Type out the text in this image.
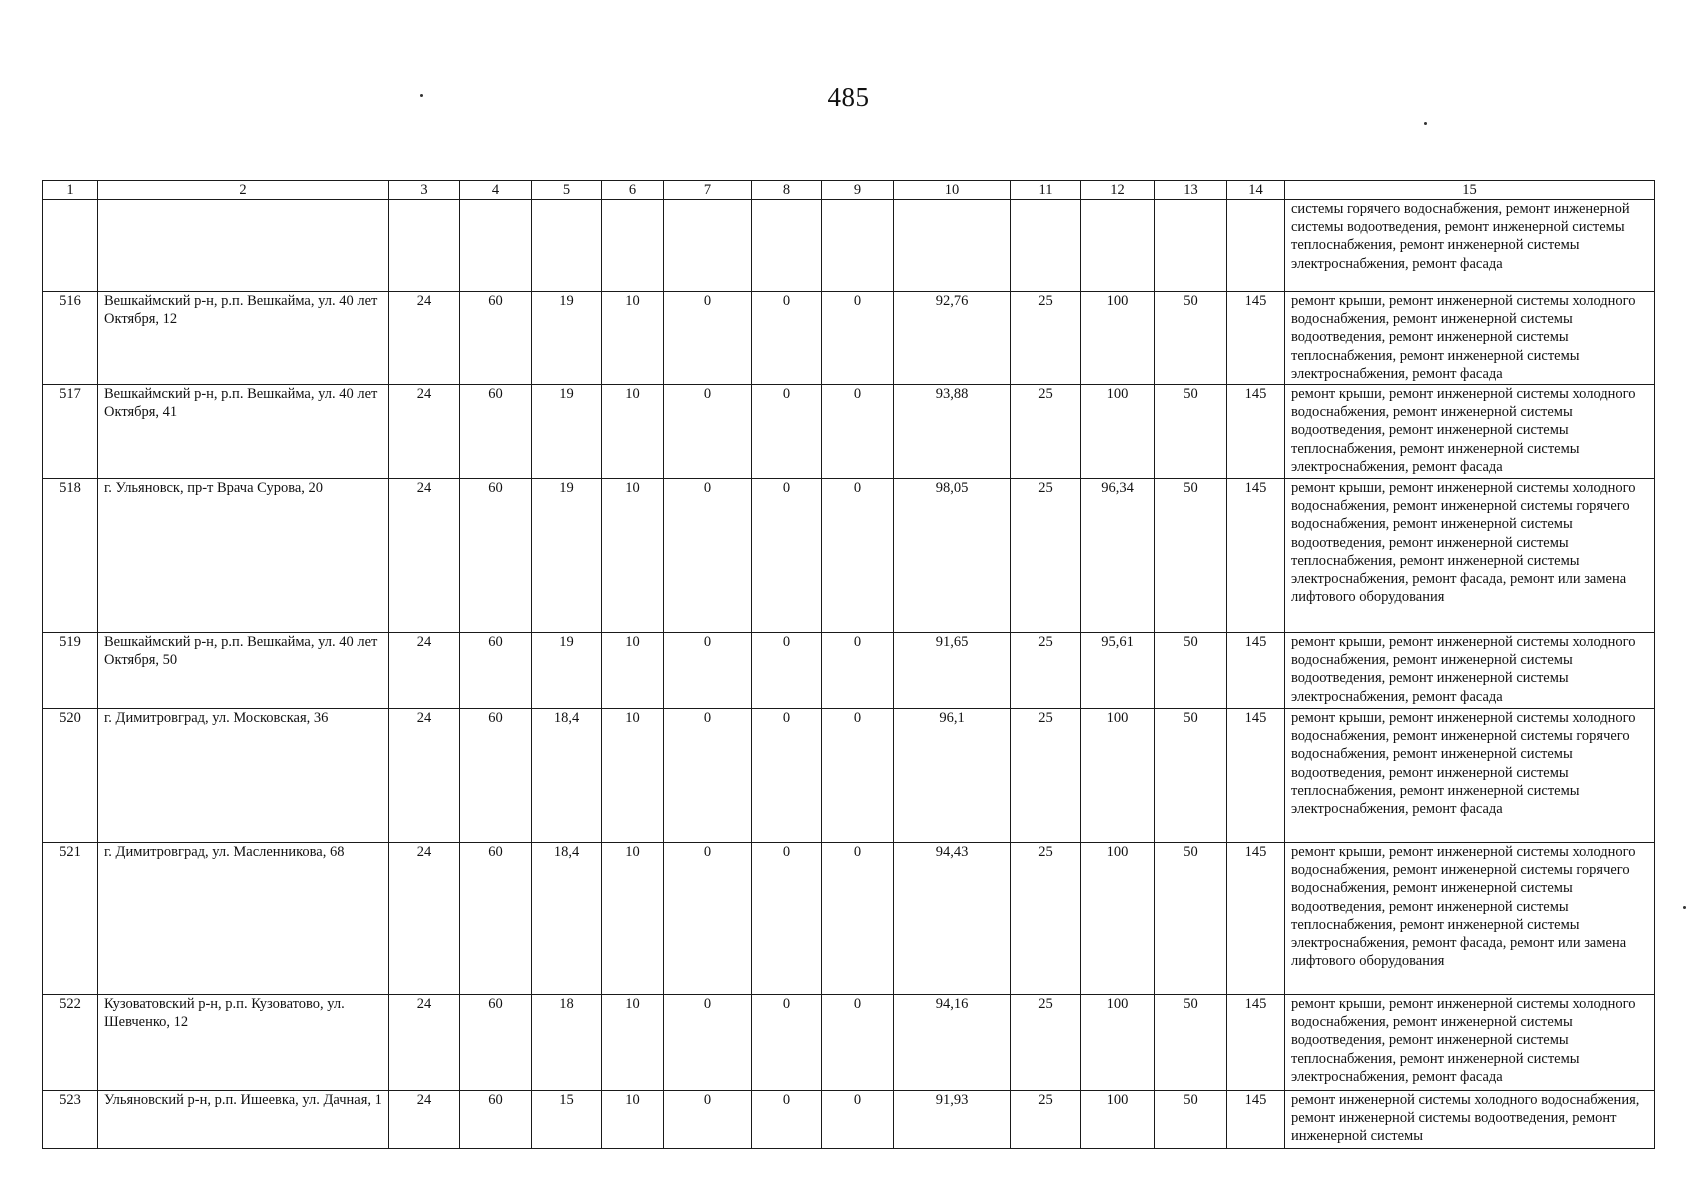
485
1	2	3	4	5	6	7	8	9	10	11	12	13	14	15
														системы горячего водоснабжения, ремонт инженерной системы водоотведения, ремонт инженерной системы теплоснабжения, ремонт инженерной системы электроснабжения, ремонт фасада
516	Вешкаймский р-н, р.п. Вешкайма, ул. 40 лет Октября, 12	24	60	19	10	0	0	0	92,76	25	100	50	145	ремонт крыши, ремонт инженерной системы холодного водоснабжения, ремонт инженерной системы водоотведения, ремонт инженерной системы теплоснабжения, ремонт инженерной системы электроснабжения, ремонт фасада
517	Вешкаймский р-н, р.п. Вешкайма, ул. 40 лет Октября, 41	24	60	19	10	0	0	0	93,88	25	100	50	145	ремонт крыши, ремонт инженерной системы холодного водоснабжения, ремонт инженерной системы водоотведения, ремонт инженерной системы теплоснабжения, ремонт инженерной системы электроснабжения, ремонт фасада
518	г. Ульяновск, пр-т Врача Сурова, 20	24	60	19	10	0	0	0	98,05	25	96,34	50	145	ремонт крыши, ремонт инженерной системы холодного водоснабжения, ремонт инженерной системы горячего водоснабжения, ремонт инженерной системы водоотведения, ремонт инженерной системы теплоснабжения, ремонт инженерной системы электроснабжения, ремонт фасада, ремонт или замена лифтового оборудования
519	Вешкаймский р-н, р.п. Вешкайма, ул. 40 лет Октября, 50	24	60	19	10	0	0	0	91,65	25	95,61	50	145	ремонт крыши, ремонт инженерной системы холодного водоснабжения, ремонт инженерной системы водоотведения, ремонт инженерной системы электроснабжения, ремонт фасада
520	г. Димитровград, ул. Московская, 36	24	60	18,4	10	0	0	0	96,1	25	100	50	145	ремонт крыши, ремонт инженерной системы холодного водоснабжения, ремонт инженерной системы горячего водоснабжения, ремонт инженерной системы водоотведения, ремонт инженерной системы теплоснабжения, ремонт инженерной системы электроснабжения, ремонт фасада
521	г. Димитровград, ул. Масленникова, 68	24	60	18,4	10	0	0	0	94,43	25	100	50	145	ремонт крыши, ремонт инженерной системы холодного водоснабжения, ремонт инженерной системы горячего водоснабжения, ремонт инженерной системы водоотведения, ремонт инженерной системы теплоснабжения, ремонт инженерной системы электроснабжения, ремонт фасада, ремонт или замена лифтового оборудования
522	Кузоватовский р-н, р.п. Кузоватово, ул. Шевченко, 12	24	60	18	10	0	0	0	94,16	25	100	50	145	ремонт крыши, ремонт инженерной системы холодного водоснабжения, ремонт инженерной системы водоотведения, ремонт инженерной системы теплоснабжения, ремонт инженерной системы электроснабжения, ремонт фасада
523	Ульяновский р-н, р.п. Ишеевка, ул. Дачная, 1	24	60	15	10	0	0	0	91,93	25	100	50	145	ремонт инженерной системы холодного водоснабжения, ремонт инженерной системы водоотведения, ремонт инженерной системы
